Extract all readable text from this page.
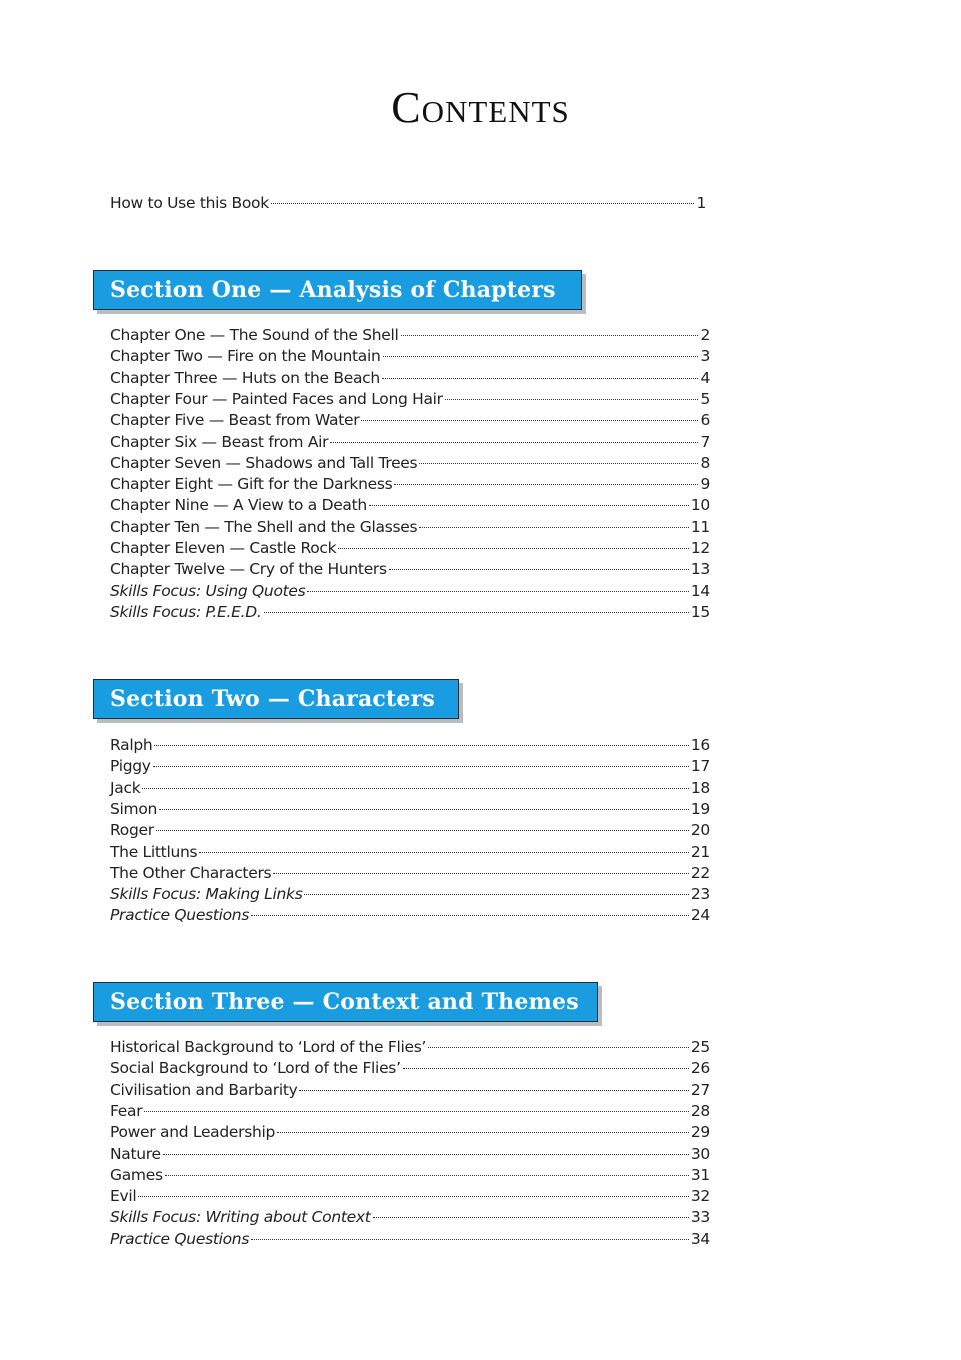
Contents
How to Use this Book	1
Section One — Analysis of Chapters
Chapter One — The Sound of the Shell	2
Chapter Two — Fire on the Mountain	3
Chapter Three — Huts on the Beach	4
Chapter Four — Painted Faces and Long Hair	5
Chapter Five — Beast from Water	6
Chapter Six — Beast from Air	7
Chapter Seven — Shadows and Tall Trees	8
Chapter Eight — Gift for the Darkness	9
Chapter Nine — A View to a Death	10
Chapter Ten — The Shell and the Glasses	11
Chapter Eleven — Castle Rock	12
Chapter Twelve — Cry of the Hunters	13
Skills Focus: Using Quotes	14
Skills Focus: P.E.E.D.	15
Section Two — Characters
Ralph	16
Piggy	17
Jack	18
Simon	19
Roger	20
The Littluns	21
The Other Characters	22
Skills Focus: Making Links	23
Practice Questions	24
Section Three — Context and Themes
Historical Background to ‘Lord of the Flies’	25
Social Background to ‘Lord of the Flies’	26
Civilisation and Barbarity	27
Fear	28
Power and Leadership	29
Nature	30
Games	31
Evil	32
Skills Focus: Writing about Context	33
Practice Questions	34
